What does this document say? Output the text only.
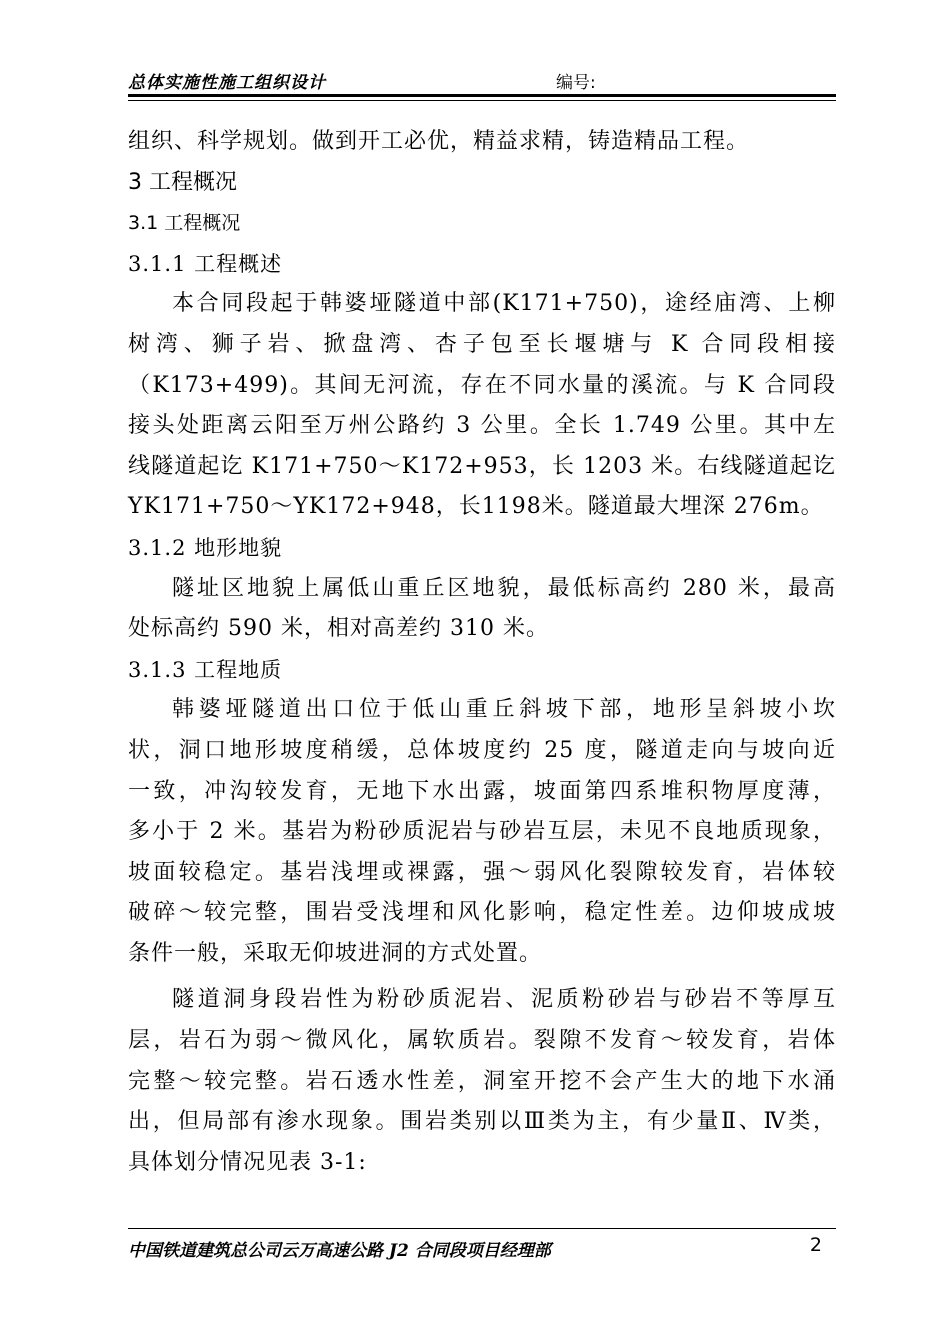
总体实施性施工组织设计	编号:
组织、科学规划。做到开工必优，精益求精，铸造精品工程。
3 工程概况
3.1 工程概况
3.1.1 工程概述
本合同段起于韩婆垭隧道中部(K171+750)，途经庙湾、上柳
树湾、狮子岩、掀盘湾、杏子包至长堰塘与 K 合同段相接
（K173+499)。其间无河流，存在不同水量的溪流。与 K 合同段
接头处距离云阳至万州公路约 3 公里。全长 1.749 公里。其中左
线隧道起讫 K171+750～K172+953，长 1203 米。右线隧道起讫
YK171+750～YK172+948，长1198米。隧道最大埋深 276m。
3.1.2 地形地貌
隧址区地貌上属低山重丘区地貌，最低标高约 280 米，最高
处标高约 590 米，相对高差约 310 米。
3.1.3 工程地质
韩婆垭隧道出口位于低山重丘斜坡下部，地形呈斜坡小坎
状，洞口地形坡度稍缓，总体坡度约 25 度，隧道走向与坡向近
一致，冲沟较发育，无地下水出露，坡面第四系堆积物厚度薄，
多小于 2 米。基岩为粉砂质泥岩与砂岩互层，未见不良地质现象，
坡面较稳定。基岩浅埋或裸露，强～弱风化裂隙较发育，岩体较
破碎～较完整，围岩受浅埋和风化影响，稳定性差。边仰坡成坡
条件一般，采取无仰坡进洞的方式处置。
隧道洞身段岩性为粉砂质泥岩、泥质粉砂岩与砂岩不等厚互
层，岩石为弱～微风化，属软质岩。裂隙不发育～较发育，岩体
完整～较完整。岩石透水性差，洞室开挖不会产生大的地下水涌
出，但局部有渗水现象。围岩类别以Ⅲ类为主，有少量Ⅱ、Ⅳ类，
具体划分情况见表 3-1:
中国铁道建筑总公司云万高速公路 J2 合同段项目经理部	2
